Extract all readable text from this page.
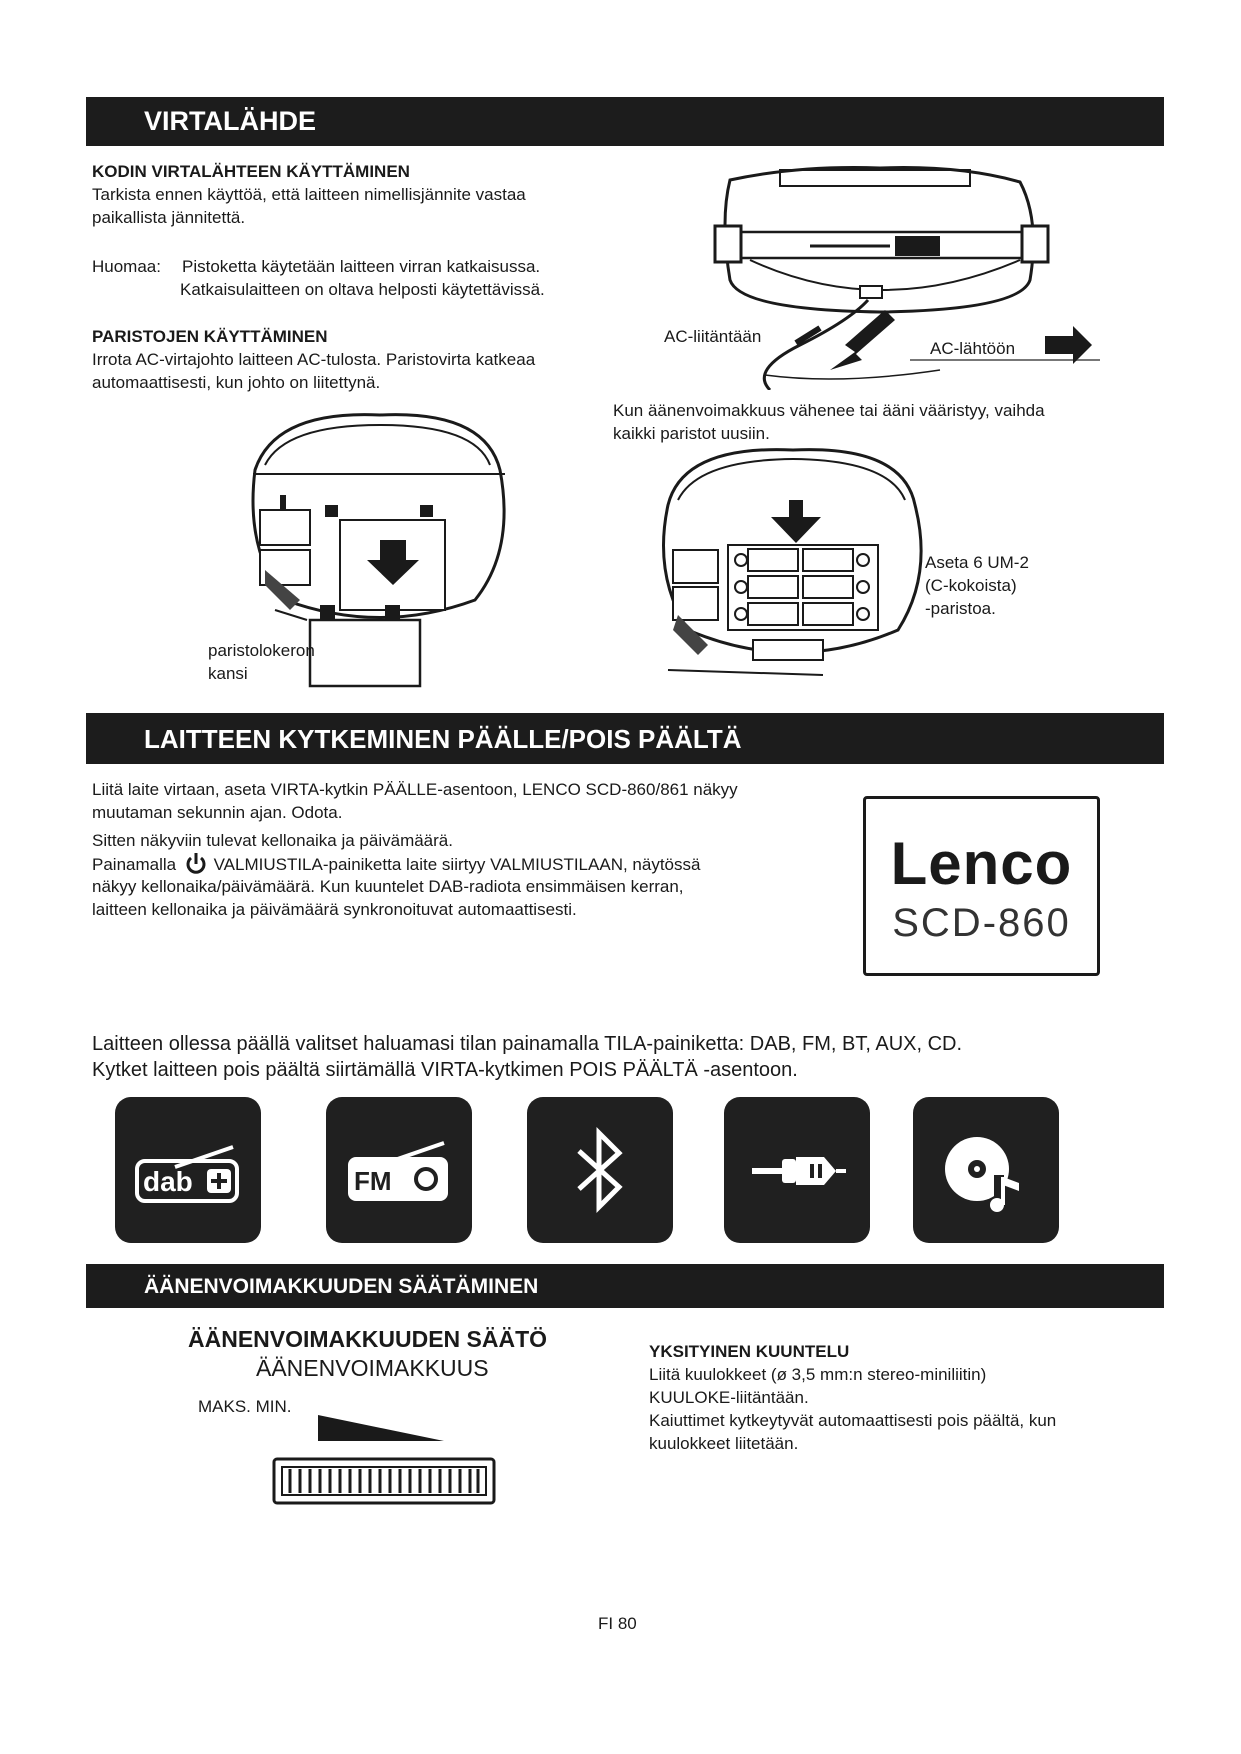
VIRTALÄHDE
KODIN VIRTALÄHTEEN KÄYTTÄMINEN
Tarkista ennen käyttöä, että laitteen nimellisjännite vastaa
paikallista jännitettä.
Huomaa: Pistoketta käytetään laitteen virran katkaisussa.
Katkaisulaitteen on oltava helposti käytettävissä.
PARISTOJEN KÄYTTÄMINEN
Irrota AC-virtajohto laitteen AC-tulosta. Paristovirta katkeaa
automaattisesti, kun johto on liitettynä.
AC-liitäntään
AC-lähtöön
Kun äänenvoimakkuus vähenee tai ääni vääristyy, vaihda
kaikki paristot uusiin.
paristolokeron
kansi
Aseta 6 UM-2
(C-kokoista)
-paristoa.
LAITTEEN KYTKEMINEN PÄÄLLE/POIS PÄÄLTÄ
Liitä laite virtaan, aseta VIRTA-kytkin PÄÄLLE-asentoon, LENCO SCD-860/861 näkyy
muutaman sekunnin ajan. Odota.
Sitten näkyviin tulevat kellonaika ja päivämäärä.
Painamalla VALMIUSTILA-painiketta laite siirtyy VALMIUSTILAAN, näytössä
näkyy kellonaika/päivämäärä. Kun kuuntelet DAB-radiota ensimmäisen kerran,
laitteen kellonaika ja päivämäärä synkronoituvat automaattisesti.
Lenco
SCD-860
Laitteen ollessa päällä valitset haluamasi tilan painamalla TILA-painiketta: DAB, FM, BT, AUX, CD.
Kytket laitteen pois päältä siirtämällä VIRTA-kytkimen POIS PÄÄLTÄ -asentoon.
dab	FM
ÄÄNENVOIMAKKUUDEN SÄÄTÄMINEN
ÄÄNENVOIMAKKUUDEN SÄÄTÖ
ÄÄNENVOIMAKKUUS
MAKS. MIN.
YKSITYINEN KUUNTELU
Liitä kuulokkeet (ø 3,5 mm:n stereo-miniliitin)
KUULOKE-liitäntään.
Kaiuttimet kytkeytyvät automaattisesti pois päältä, kun
kuulokkeet liitetään.
FI 80
